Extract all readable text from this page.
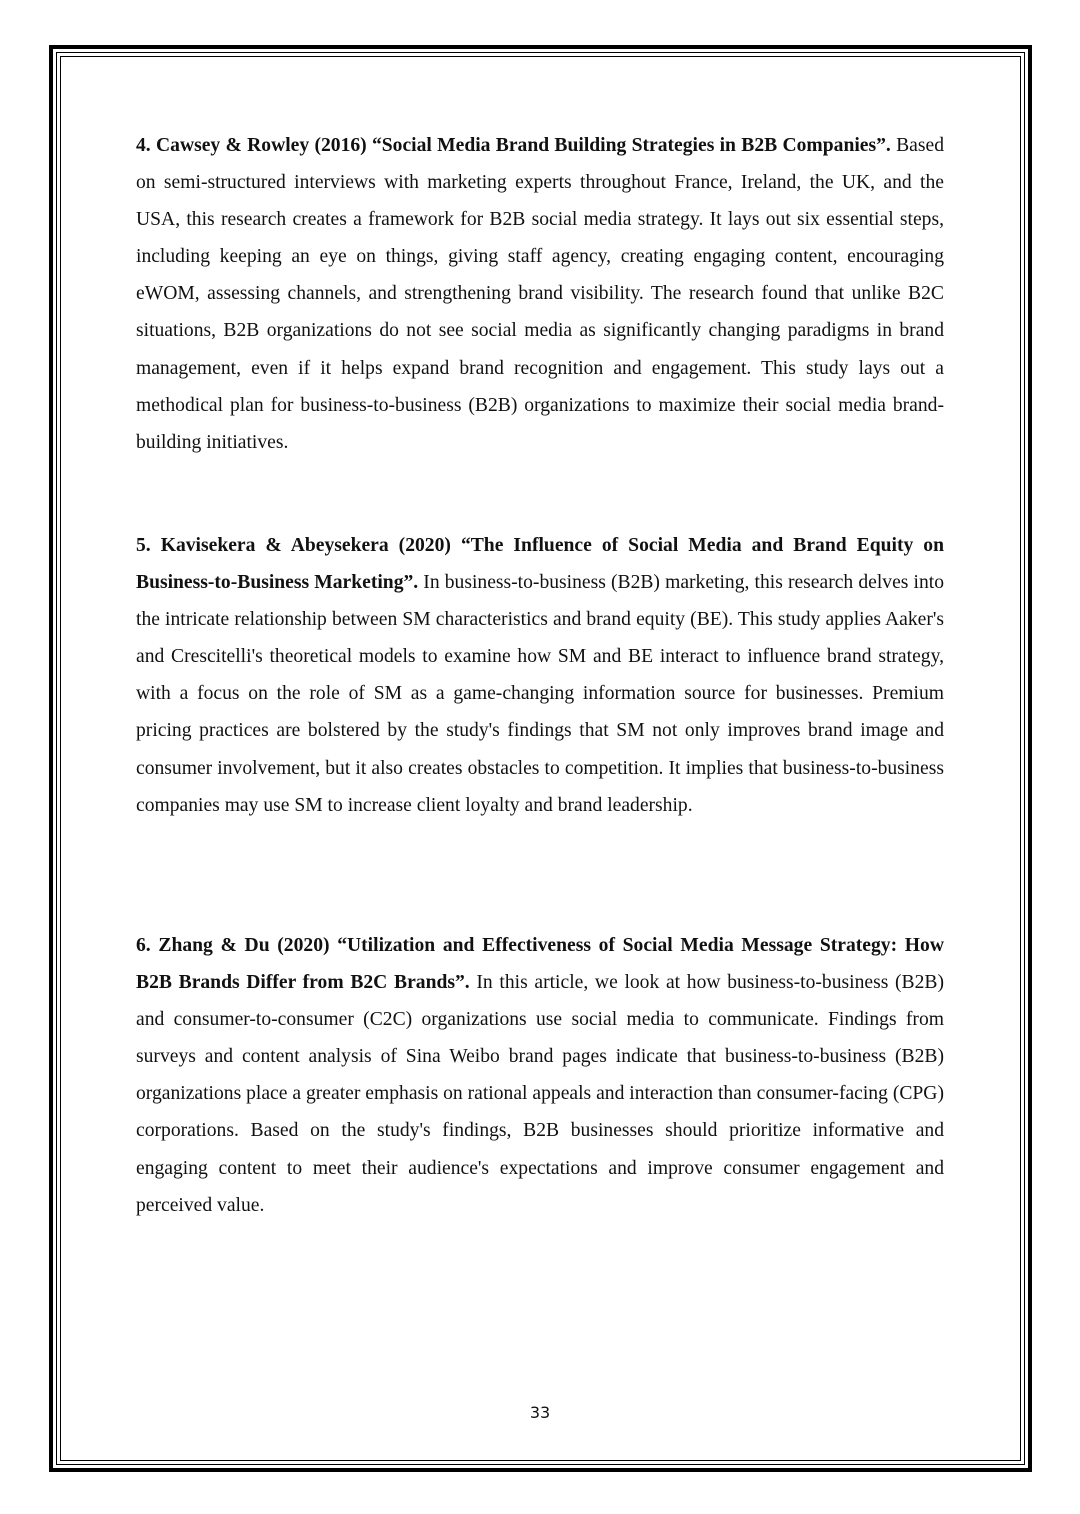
4. Cawsey & Rowley (2016) “Social Media Brand Building Strategies in B2B Companies”. Based on semi-structured interviews with marketing experts throughout France, Ireland, the UK, and the USA, this research creates a framework for B2B social media strategy. It lays out six essential steps, including keeping an eye on things, giving staff agency, creating engaging content, encouraging eWOM, assessing channels, and strengthening brand visibility. The research found that unlike B2C situations, B2B organizations do not see social media as significantly changing paradigms in brand management, even if it helps expand brand recognition and engagement. This study lays out a methodical plan for business-to-business (B2B) organizations to maximize their social media brand-building initiatives.
5. Kavisekera & Abeysekera (2020) “The Influence of Social Media and Brand Equity on Business-to-Business Marketing”. In business-to-business (B2B) marketing, this research delves into the intricate relationship between SM characteristics and brand equity (BE). This study applies Aaker's and Crescitelli's theoretical models to examine how SM and BE interact to influence brand strategy, with a focus on the role of SM as a game-changing information source for businesses. Premium pricing practices are bolstered by the study's findings that SM not only improves brand image and consumer involvement, but it also creates obstacles to competition. It implies that business-to-business companies may use SM to increase client loyalty and brand leadership.
6. Zhang & Du (2020) “Utilization and Effectiveness of Social Media Message Strategy: How B2B Brands Differ from B2C Brands”. In this article, we look at how business-to-business (B2B) and consumer-to-consumer (C2C) organizations use social media to communicate. Findings from surveys and content analysis of Sina Weibo brand pages indicate that business-to-business (B2B) organizations place a greater emphasis on rational appeals and interaction than consumer-facing (CPG) corporations. Based on the study's findings, B2B businesses should prioritize informative and engaging content to meet their audience's expectations and improve consumer engagement and perceived value.
33
